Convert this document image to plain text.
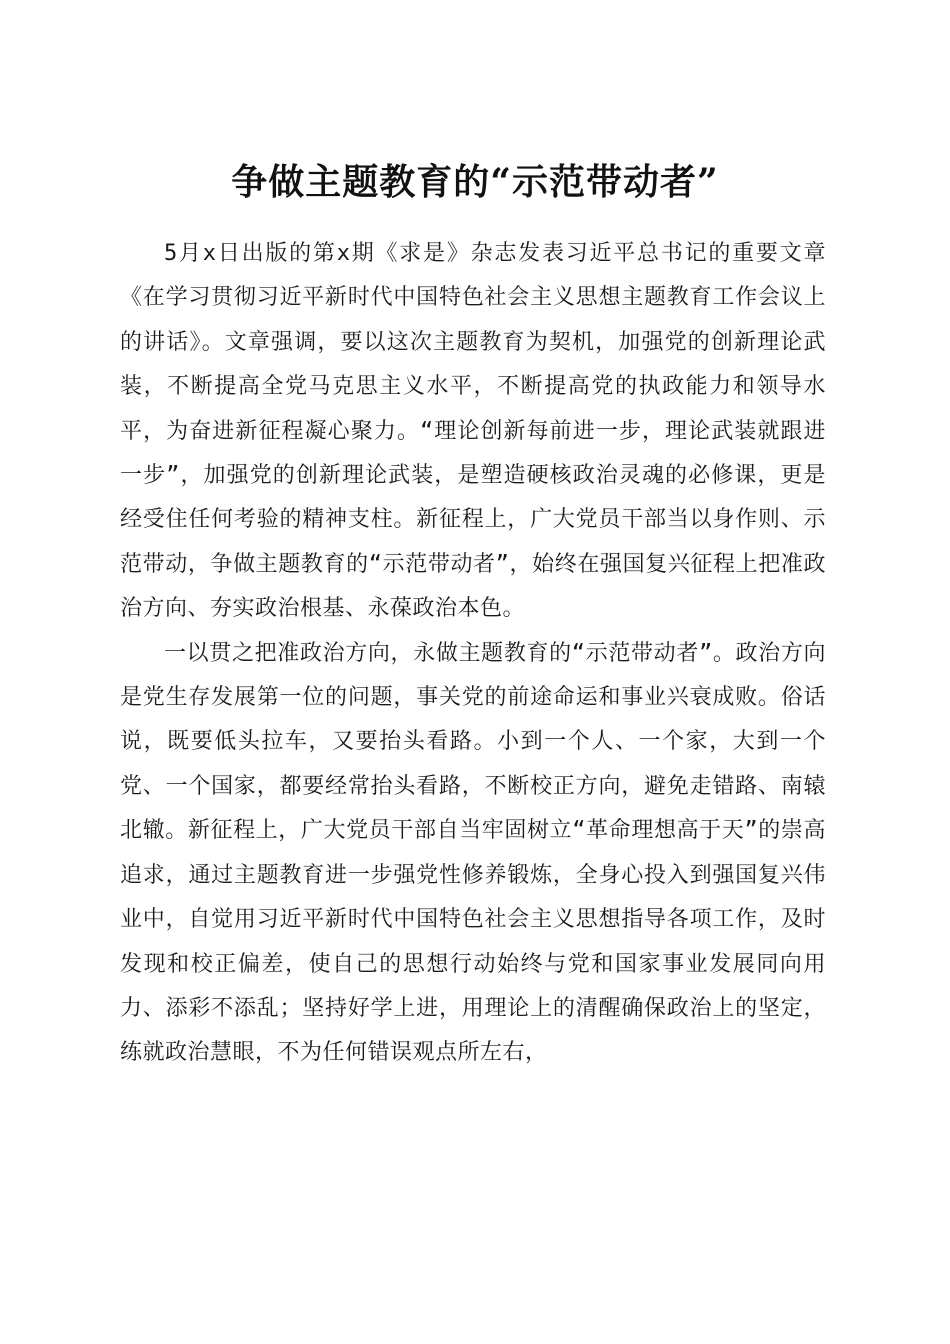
争做主题教育的“示范带动者”

5月x日出版的第x期《求是》杂志发表习近平总书记的重要文章《在学习贯彻习近平新时代中国特色社会主义思想主题教育工作会议上的讲话》。文章强调，要以这次主题教育为契机，加强党的创新理论武装，不断提高全党马克思主义水平，不断提高党的执政能力和领导水平，为奋进新征程凝心聚力。“理论创新每前进一步，理论武装就跟进一步”，加强党的创新理论武装，是塑造硬核政治灵魂的必修课，更是经受住任何考验的精神支柱。新征程上，广大党员干部当以身作则、示范带动，争做主题教育的“示范带动者”，始终在强国复兴征程上把准政治方向、夯实政治根基、永葆政治本色。

一以贯之把准政治方向，永做主题教育的“示范带动者”。政治方向是党生存发展第一位的问题，事关党的前途命运和事业兴衰成败。俗话说，既要低头拉车，又要抬头看路。小到一个人、一个家，大到一个党、一个国家，都要经常抬头看路，不断校正方向，避免走错路、南辕北辙。新征程上，广大党员干部自当牢固树立“革命理想高于天”的崇高追求，通过主题教育进一步强党性修养锻炼，全身心投入到强国复兴伟业中，自觉用习近平新时代中国特色社会主义思想指导各项工作，及时发现和校正偏差，使自己的思想行动始终与党和国家事业发展同向用力、添彩不添乱；坚持好学上进，用理论上的清醒确保政治上的坚定，练就政治慧眼，不为任何错误观点所左右，
